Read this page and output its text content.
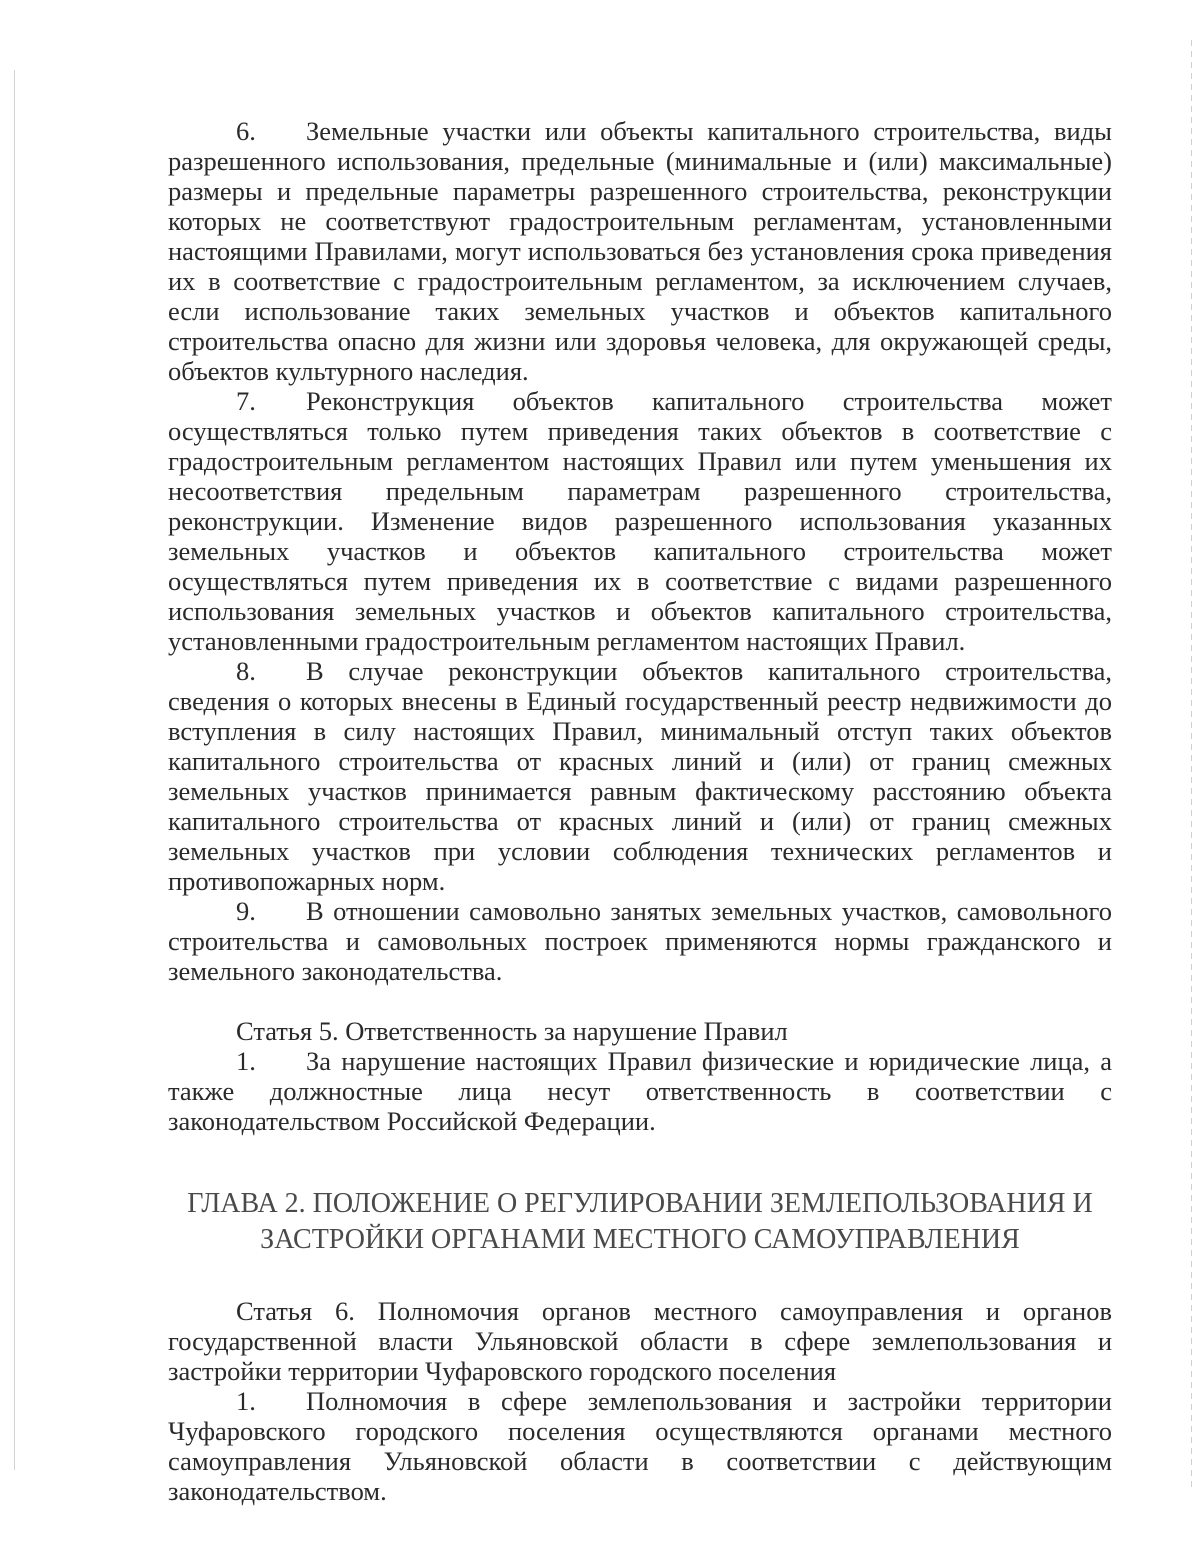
6. Земельные участки или объекты капитального строительства, виды разрешенного использования, предельные (минимальные и (или) максимальные) размеры и предельные параметры разрешенного строительства, реконструкции которых не соответствуют градостроительным регламентам, установленными настоящими Правилами, могут использоваться без установления срока приведения их в соответствие с градостроительным регламентом, за исключением случаев, если использование таких земельных участков и объектов капитального строительства опасно для жизни или здоровья человека, для окружающей среды, объектов культурного наследия.

7. Реконструкция объектов капитального строительства может осуществляться только путем приведения таких объектов в соответствие с градостроительным регламентом настоящих Правил или путем уменьшения их несоответствия предельным параметрам разрешенного строительства, реконструкции. Изменение видов разрешенного использования указанных земельных участков и объектов капитального строительства может осуществляться путем приведения их в соответствие с видами разрешенного использования земельных участков и объектов капитального строительства, установленными градостроительным регламентом настоящих Правил.

8. В случае реконструкции объектов капитального строительства, сведения о которых внесены в Единый государственный реестр недвижимости до вступления в силу настоящих Правил, минимальный отступ таких объектов капитального строительства от красных линий и (или) от границ смежных земельных участков принимается равным фактическому расстоянию объекта капитального строительства от красных линий и (или) от границ смежных земельных участков при условии соблюдения технических регламентов и противопожарных норм.

9. В отношении самовольно занятых земельных участков, самовольного строительства и самовольных построек применяются нормы гражданского и земельного законодательства.

Статья 5. Ответственность за нарушение Правил

1. За нарушение настоящих Правил физические и юридические лица, а также должностные лица несут ответственность в соответствии с законодательством Российской Федерации.

ГЛАВА 2. ПОЛОЖЕНИЕ О РЕГУЛИРОВАНИИ ЗЕМЛЕПОЛЬЗОВАНИЯ И
ЗАСТРОЙКИ ОРГАНАМИ МЕСТНОГО САМОУПРАВЛЕНИЯ

Статья 6. Полномочия органов местного самоуправления и органов государственной власти Ульяновской области в сфере землепользования и застройки территории Чуфаровского городского поселения

1. Полномочия в сфере землепользования и застройки территории Чуфаровского городского поселения осуществляются органами местного самоуправления Ульяновской области в соответствии с действующим законодательством.
